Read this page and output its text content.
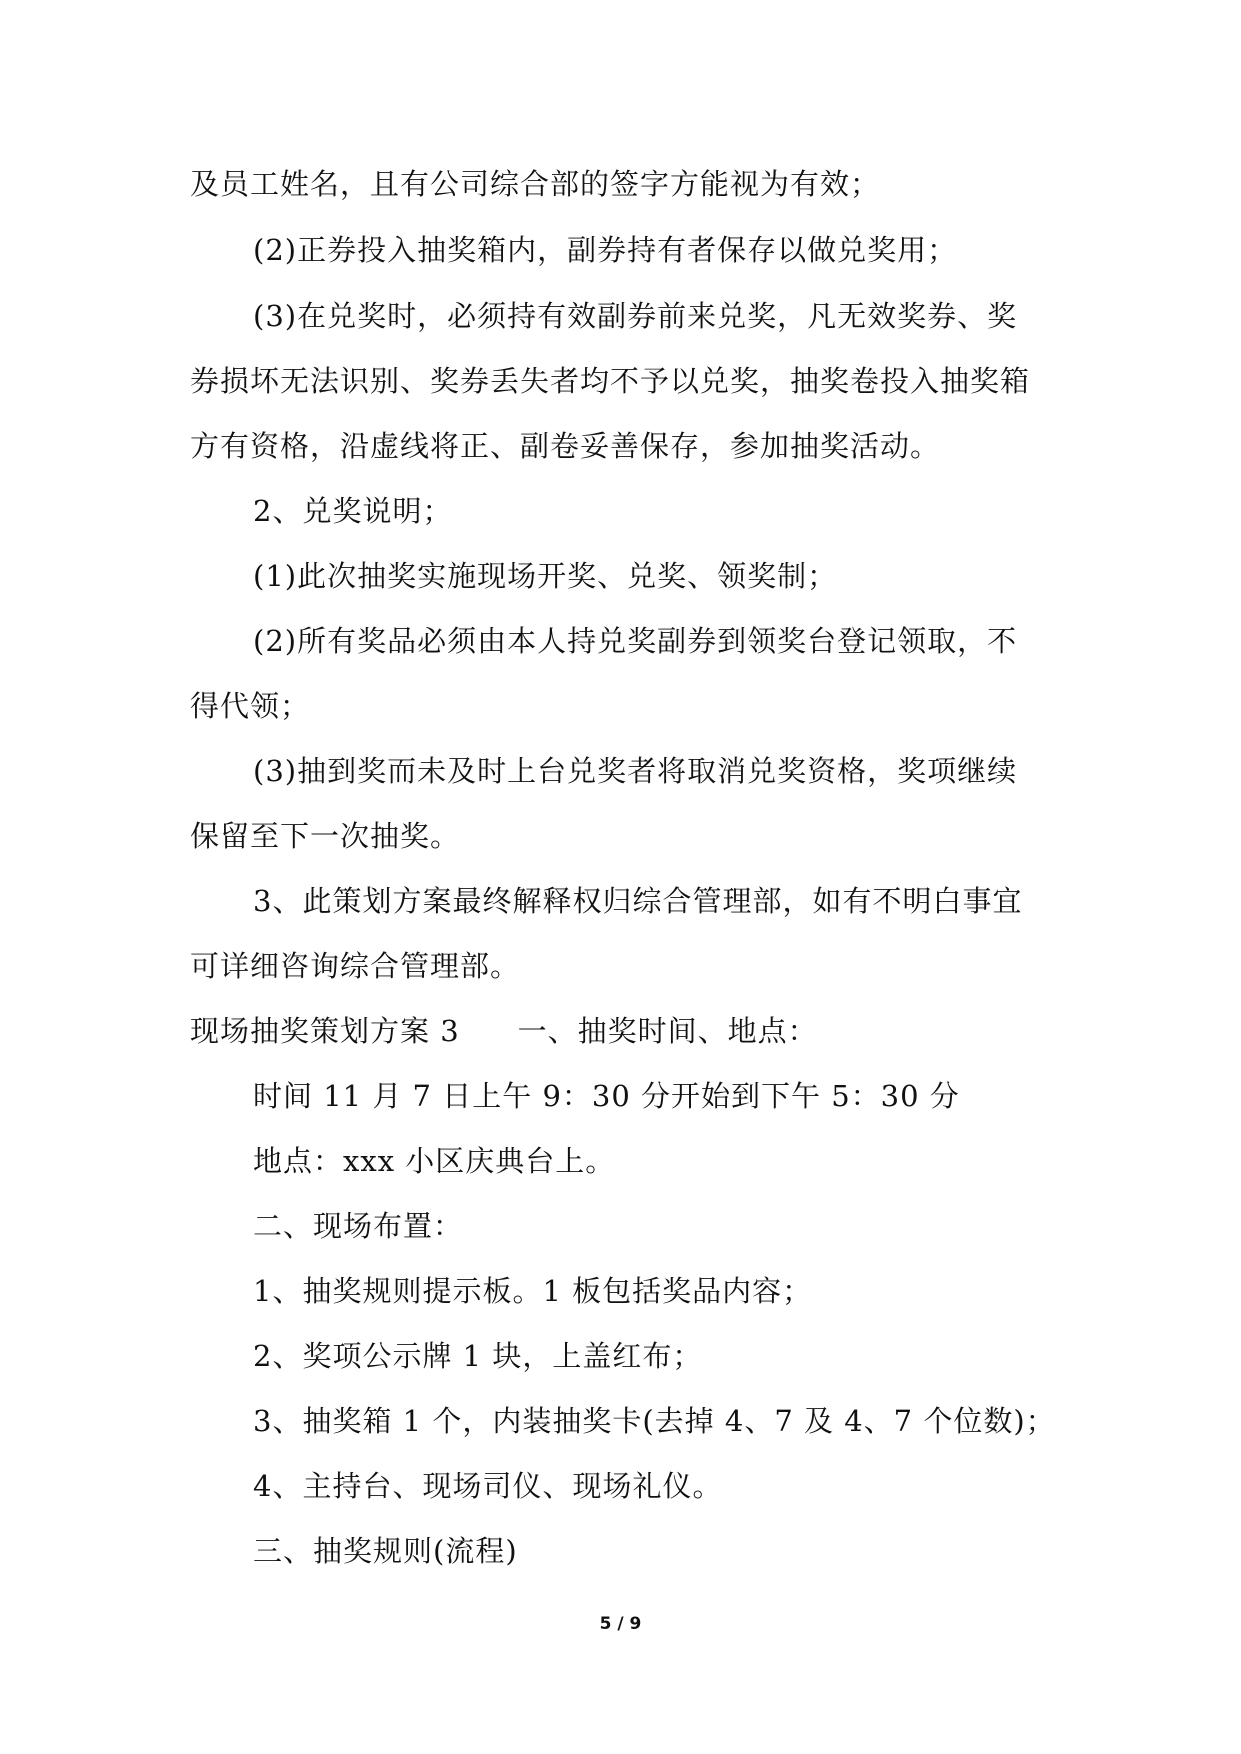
及员工姓名，且有公司综合部的签字方能视为有效；
(2)正券投入抽奖箱内，副券持有者保存以做兑奖用；
(3)在兑奖时，必须持有效副券前来兑奖，凡无效奖券、奖
券损坏无法识别、奖券丢失者均不予以兑奖，抽奖卷投入抽奖箱
方有资格，沿虚线将正、副卷妥善保存，参加抽奖活动。
2、兑奖说明；
(1)此次抽奖实施现场开奖、兑奖、领奖制；
(2)所有奖品必须由本人持兑奖副券到领奖台登记领取，不
得代领；
(3)抽到奖而未及时上台兑奖者将取消兑奖资格，奖项继续
保留至下一次抽奖。
3、此策划方案最终解释权归综合管理部，如有不明白事宜
可详细咨询综合管理部。
现场抽奖策划方案 3 一、抽奖时间、地点：
时间 11 月 7 日上午 9：30 分开始到下午 5：30 分
地点：xxx 小区庆典台上。
二、现场布置：
1、抽奖规则提示板。1 板包括奖品内容；
2、奖项公示牌 1 块，上盖红布；
3、抽奖箱 1 个，内装抽奖卡(去掉 4、7 及 4、7 个位数)；
4、主持台、现场司仪、现场礼仪。
三、抽奖规则(流程)
5 / 9
